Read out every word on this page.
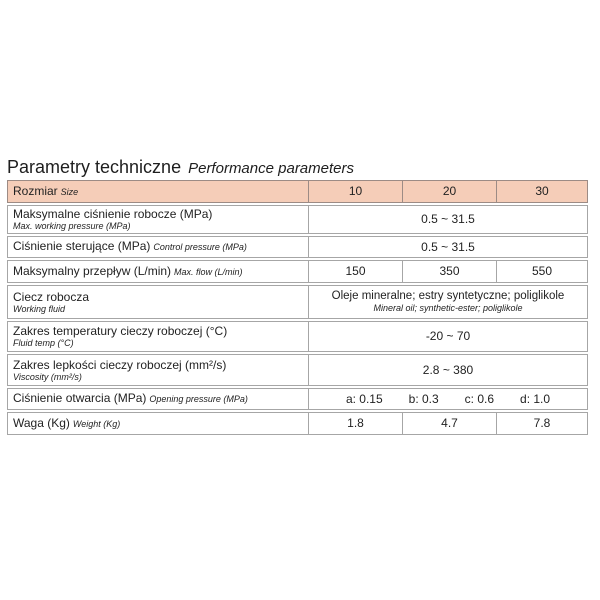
Parametry techniczne Performance parameters
Rozmiar Size	10	20	30

Maksymalne ciśnienie robocze (MPa)
Max. working pressure (MPa)	0.5 ~ 31.5		
Ciśnienie sterujące (MPa) Control pressure (MPa)	0.5 ~ 31.5		
Maksymalny przepływ (L/min) Max. flow (L/min)	150	350	550

Ciecz robocza
Working fluid	Oleje mineralne; estry syntetyczne; poliglikole
Mineral oil; synthetic-ester; poliglikole		

Zakres temperatury cieczy roboczej (°C)
Fluid temp (°C)	-20 ~ 70		

Zakres lepkości cieczy roboczej (mm²/s)
Viscosity (mm²/s)	2.8 ~ 380		
Ciśnienie otwarcia (MPa) Opening pressure (MPa)	a: 0.15 b: 0.3 c: 0.6 d: 1.0		

Waga (Kg) Weight (Kg)	1.8	4.7	7.8
